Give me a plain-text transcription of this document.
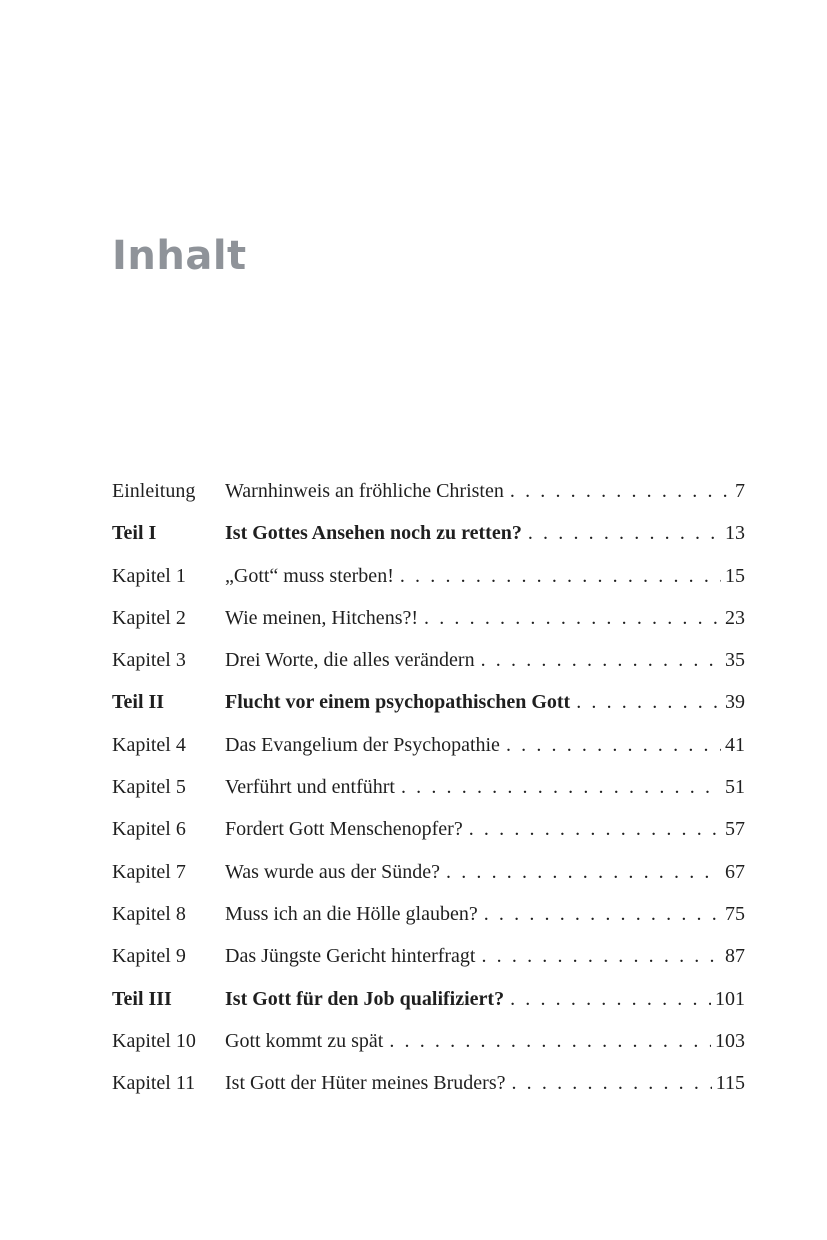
Inhalt
Einleitung	Warnhinweis an fröhliche Christen . . .	7
Teil I	Ist Gottes Ansehen noch zu retten? . . .	13
Kapitel 1	„Gott“ muss sterben! . . .	15
Kapitel 2	Wie meinen, Hitchens?! . . .	23
Kapitel 3	Drei Worte, die alles verändern . . .	35
Teil II	Flucht vor einem psychopathischen Gott . . .	39
Kapitel 4	Das Evangelium der Psychopathie . . .	41
Kapitel 5	Verführt und entführt . . .	51
Kapitel 6	Fordert Gott Menschenopfer? . . .	57
Kapitel 7	Was wurde aus der Sünde? . . .	67
Kapitel 8	Muss ich an die Hölle glauben? . . .	75
Kapitel 9	Das Jüngste Gericht hinterfragt . . .	87
Teil III	Ist Gott für den Job qualifiziert? . . .	101
Kapitel 10	Gott kommt zu spät . . .	103
Kapitel 11	Ist Gott der Hüter meines Bruders? . . .	115
